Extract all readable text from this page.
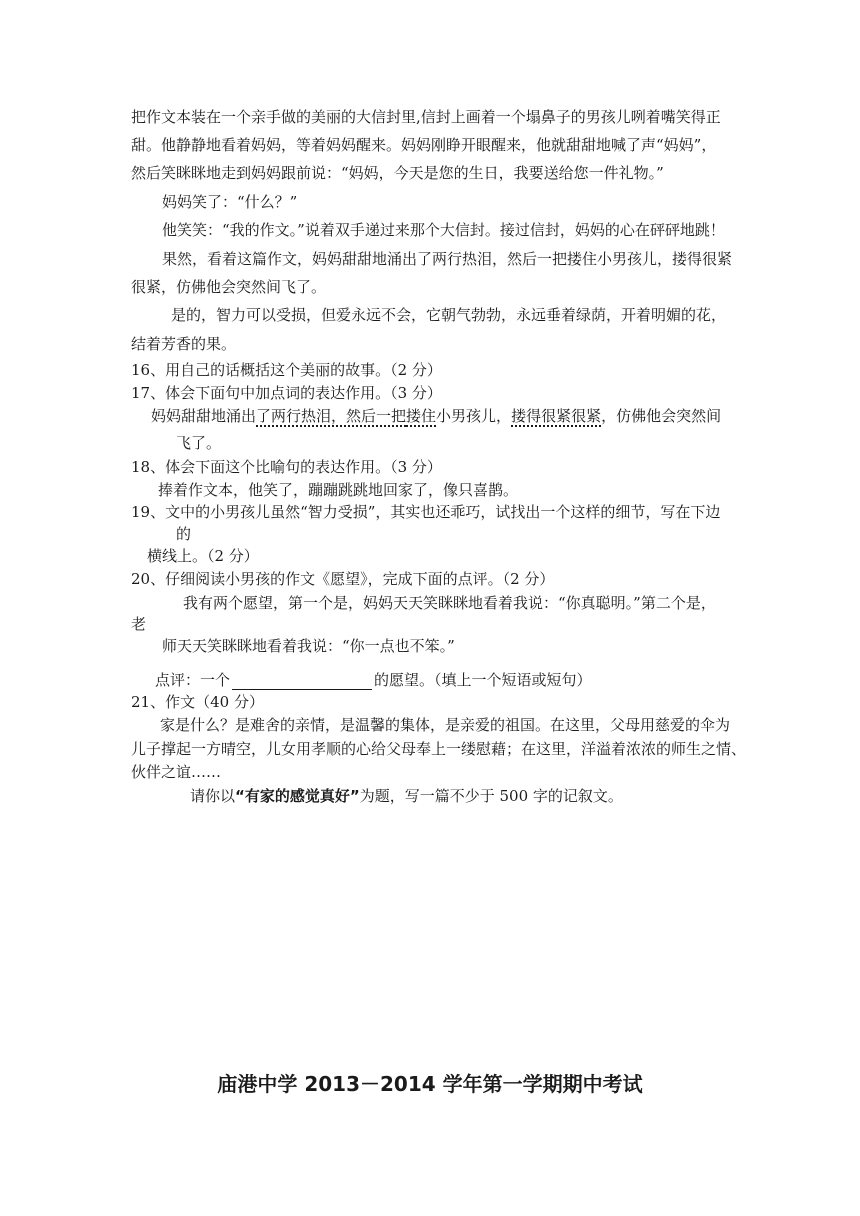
把作文本装在一个亲手做的美丽的大信封里,信封上画着一个塌鼻子的男孩儿咧着嘴笑得正
甜。他静静地看着妈妈，等着妈妈醒来。妈妈刚睁开眼醒来，他就甜甜地喊了声“妈妈”，
然后笑眯眯地走到妈妈跟前说：“妈妈，今天是您的生日，我要送给您一件礼物。”
妈妈笑了：“什么？”
他笑笑：“我的作文。”说着双手递过来那个大信封。接过信封，妈妈的心在砰砰地跳！
果然，看着这篇作文，妈妈甜甜地涌出了两行热泪，然后一把搂住小男孩儿，搂得很紧
很紧，仿佛他会突然间飞了。
是的，智力可以受损，但爱永远不会，它朝气勃勃，永远垂着绿荫，开着明媚的花，
结着芳香的果。
16、用自己的话概括这个美丽的故事。（2 分）
17、体会下面句中加点词的表达作用。（3 分）
妈妈甜甜地涌出了两行热泪，然后一把搂住小男孩儿，搂得很紧很紧，仿佛他会突然间
飞了。
18、体会下面这个比喻句的表达作用。（3 分）
捧着作文本，他笑了，蹦蹦跳跳地回家了，像只喜鹊。
19、文中的小男孩儿虽然“智力受损”，其实也还乖巧，试找出一个这样的细节，写在下边
的
横线上。（2 分）
20、仔细阅读小男孩的作文《愿望》，完成下面的点评。（2 分）
我有两个愿望，第一个是，妈妈天天笑眯眯地看着我说：“你真聪明。”第二个是，
老
师天天笑眯眯地看着我说：“你一点也不笨。”
点评：一个	的愿望。（填上一个短语或短句）
21、作文（40 分）
家是什么？是难舍的亲情，是温馨的集体，是亲爱的祖国。在这里，父母用慈爱的伞为
儿子撑起一方晴空，儿女用孝顺的心给父母奉上一缕慰藉；在这里，洋溢着浓浓的师生之情、
伙伴之谊……
请你以“有家的感觉真好”为题，写一篇不少于 500 字的记叙文。
庙港中学 2013－2014 学年第一学期期中考试
